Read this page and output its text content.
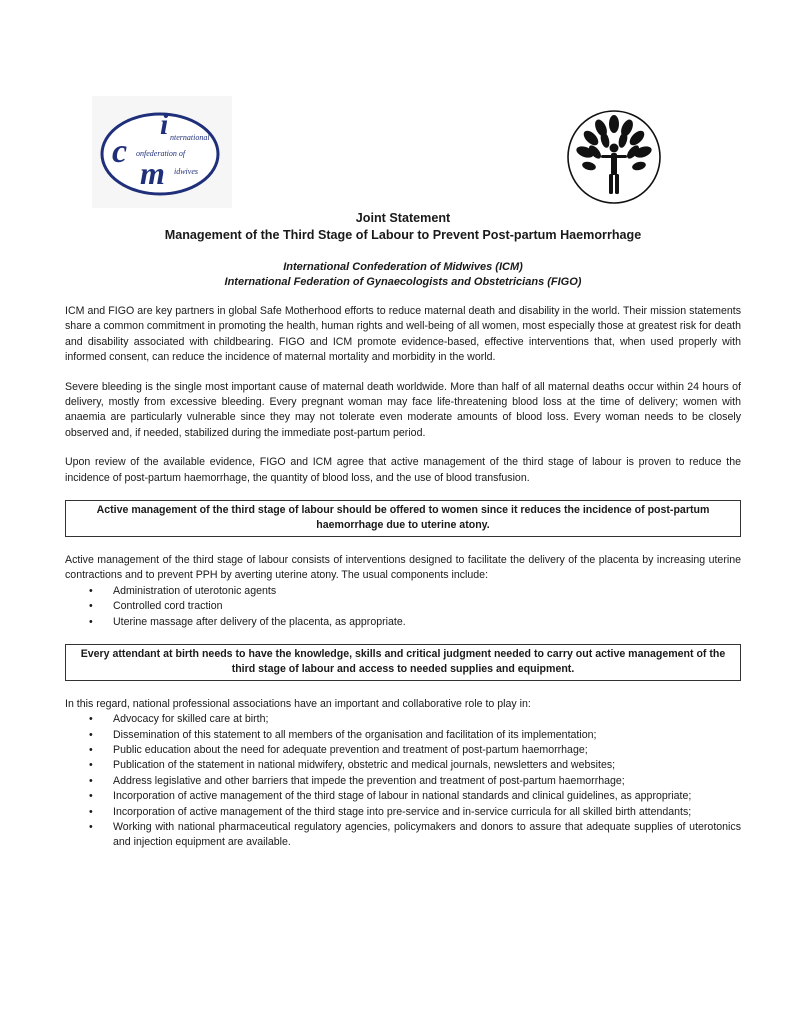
i nternational
c onfederation of
m idwives
Joint Statement
Management of the Third Stage of Labour to Prevent Post-partum Haemorrhage
International Confederation of Midwives (ICM)
International Federation of Gynaecologists and Obstetricians (FIGO)

ICM and FIGO are key partners in global Safe Motherhood efforts to reduce maternal death and disability in the world. Their mission statements share a common commitment in promoting the health, human rights and well-being of all women, most especially those at greatest risk for death and disability associated with childbearing. FIGO and ICM promote evidence-based, effective interventions that, when used properly with informed consent, can reduce the incidence of maternal mortality and morbidity in the world.

Severe bleeding is the single most important cause of maternal death worldwide. More than half of all maternal deaths occur within 24 hours of delivery, mostly from excessive bleeding. Every pregnant woman may face life-threatening blood loss at the time of delivery; women with anaemia are particularly vulnerable since they may not tolerate even moderate amounts of blood loss. Every woman needs to be closely observed and, if needed, stabilized during the immediate post-partum period.

Upon review of the available evidence, FIGO and ICM agree that active management of the third stage of labour is proven to reduce the incidence of post-partum haemorrhage, the quantity of blood loss, and the use of blood transfusion.

Active management of the third stage of labour should be offered to women since it reduces the incidence of post-partum haemorrhage due to uterine atony.

Active management of the third stage of labour consists of interventions designed to facilitate the delivery of the placenta by increasing uterine contractions and to prevent PPH by averting uterine atony. The usual components include:

• Administration of uterotonic agents
• Controlled cord traction
• Uterine massage after delivery of the placenta, as appropriate.
Every attendant at birth needs to have the knowledge, skills and critical judgment needed to carry out active management of the third stage of labour and access to needed supplies and equipment.

In this regard, national professional associations have an important and collaborative role to play in:

• Advocacy for skilled care at birth;
• Dissemination of this statement to all members of the organisation and facilitation of its implementation;
• Public education about the need for adequate prevention and treatment of post-partum haemorrhage;
• Publication of the statement in national midwifery, obstetric and medical journals, newsletters and websites;
• Address legislative and other barriers that impede the prevention and treatment of post-partum haemorrhage;
• Incorporation of active management of the third stage of labour in national standards and clinical guidelines, as appropriate;
• Incorporation of active management of the third stage into pre-service and in-service curricula for all skilled birth attendants;
• Working with national pharmaceutical regulatory agencies, policymakers and donors to assure that adequate supplies of uterotonics and injection equipment are available.
